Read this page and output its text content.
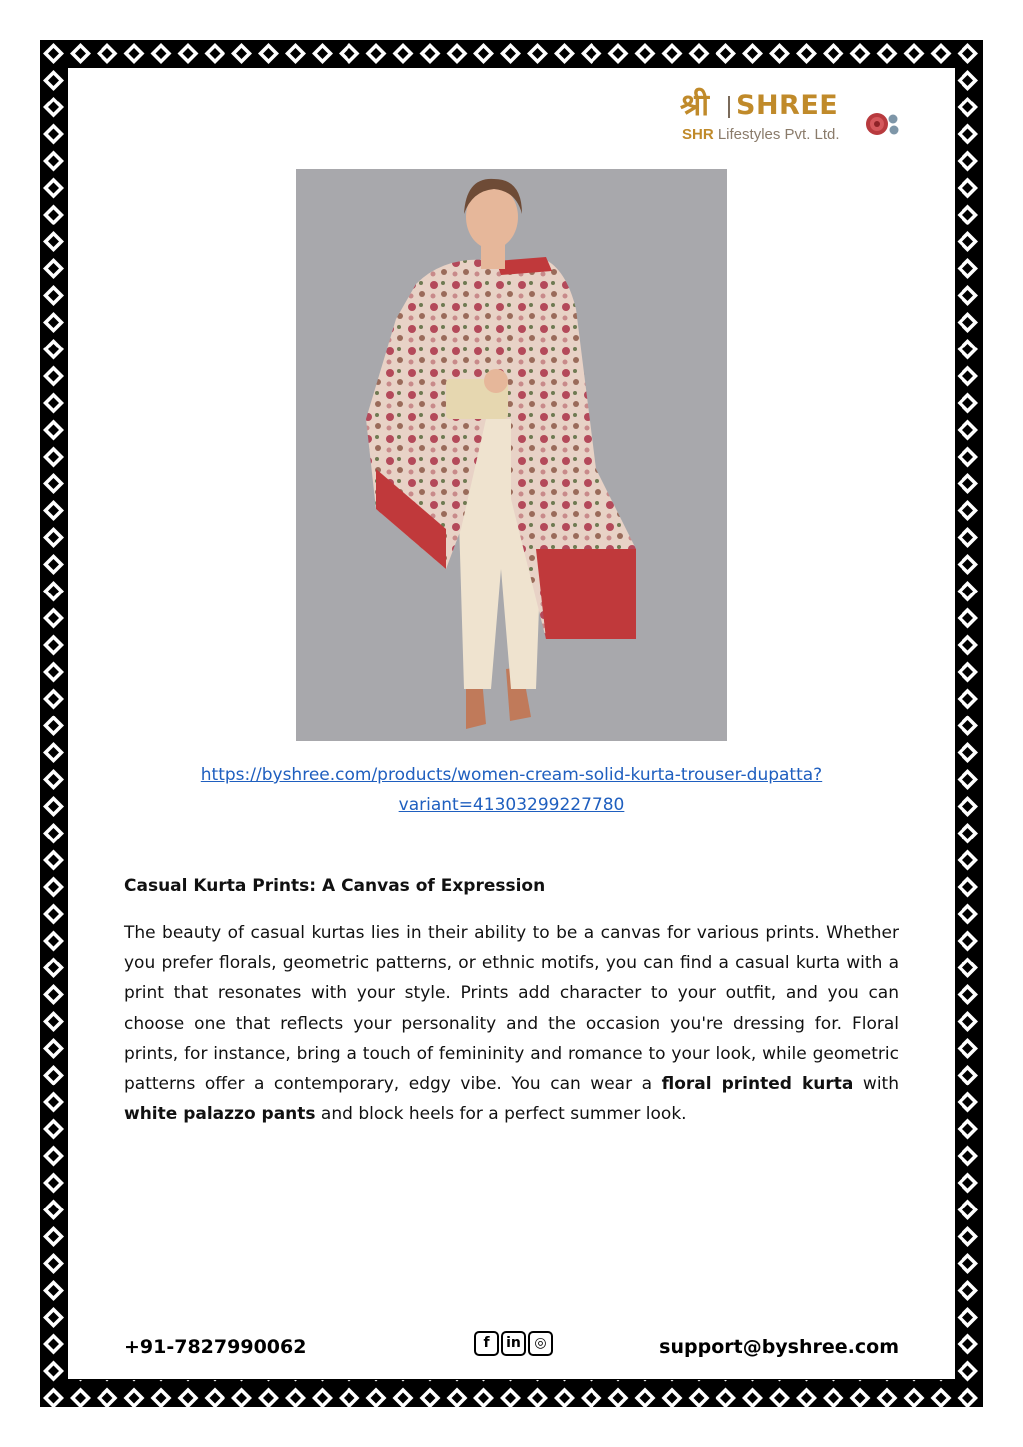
श्री SHREE
SHR Lifestyles Pvt. Ltd.
https://byshree.com/products/women-cream-solid-kurta-trouser-dupatta?variant=41303299227780
Casual Kurta Prints: A Canvas of Expression
The beauty of casual kurtas lies in their ability to be a canvas for various prints. Whether you prefer florals, geometric patterns, or ethnic motifs, you can find a casual kurta with a print that resonates with your style. Prints add character to your outfit, and you can choose one that reflects your personality and the occasion you're dressing for. Floral prints, for instance, bring a touch of femininity and romance to your look, while geometric patterns offer a contemporary, edgy vibe. You can wear a floral printed kurta with white palazzo pants and block heels for a perfect summer look.
+91-7827990062	f	in ◎	support@byshree.com
